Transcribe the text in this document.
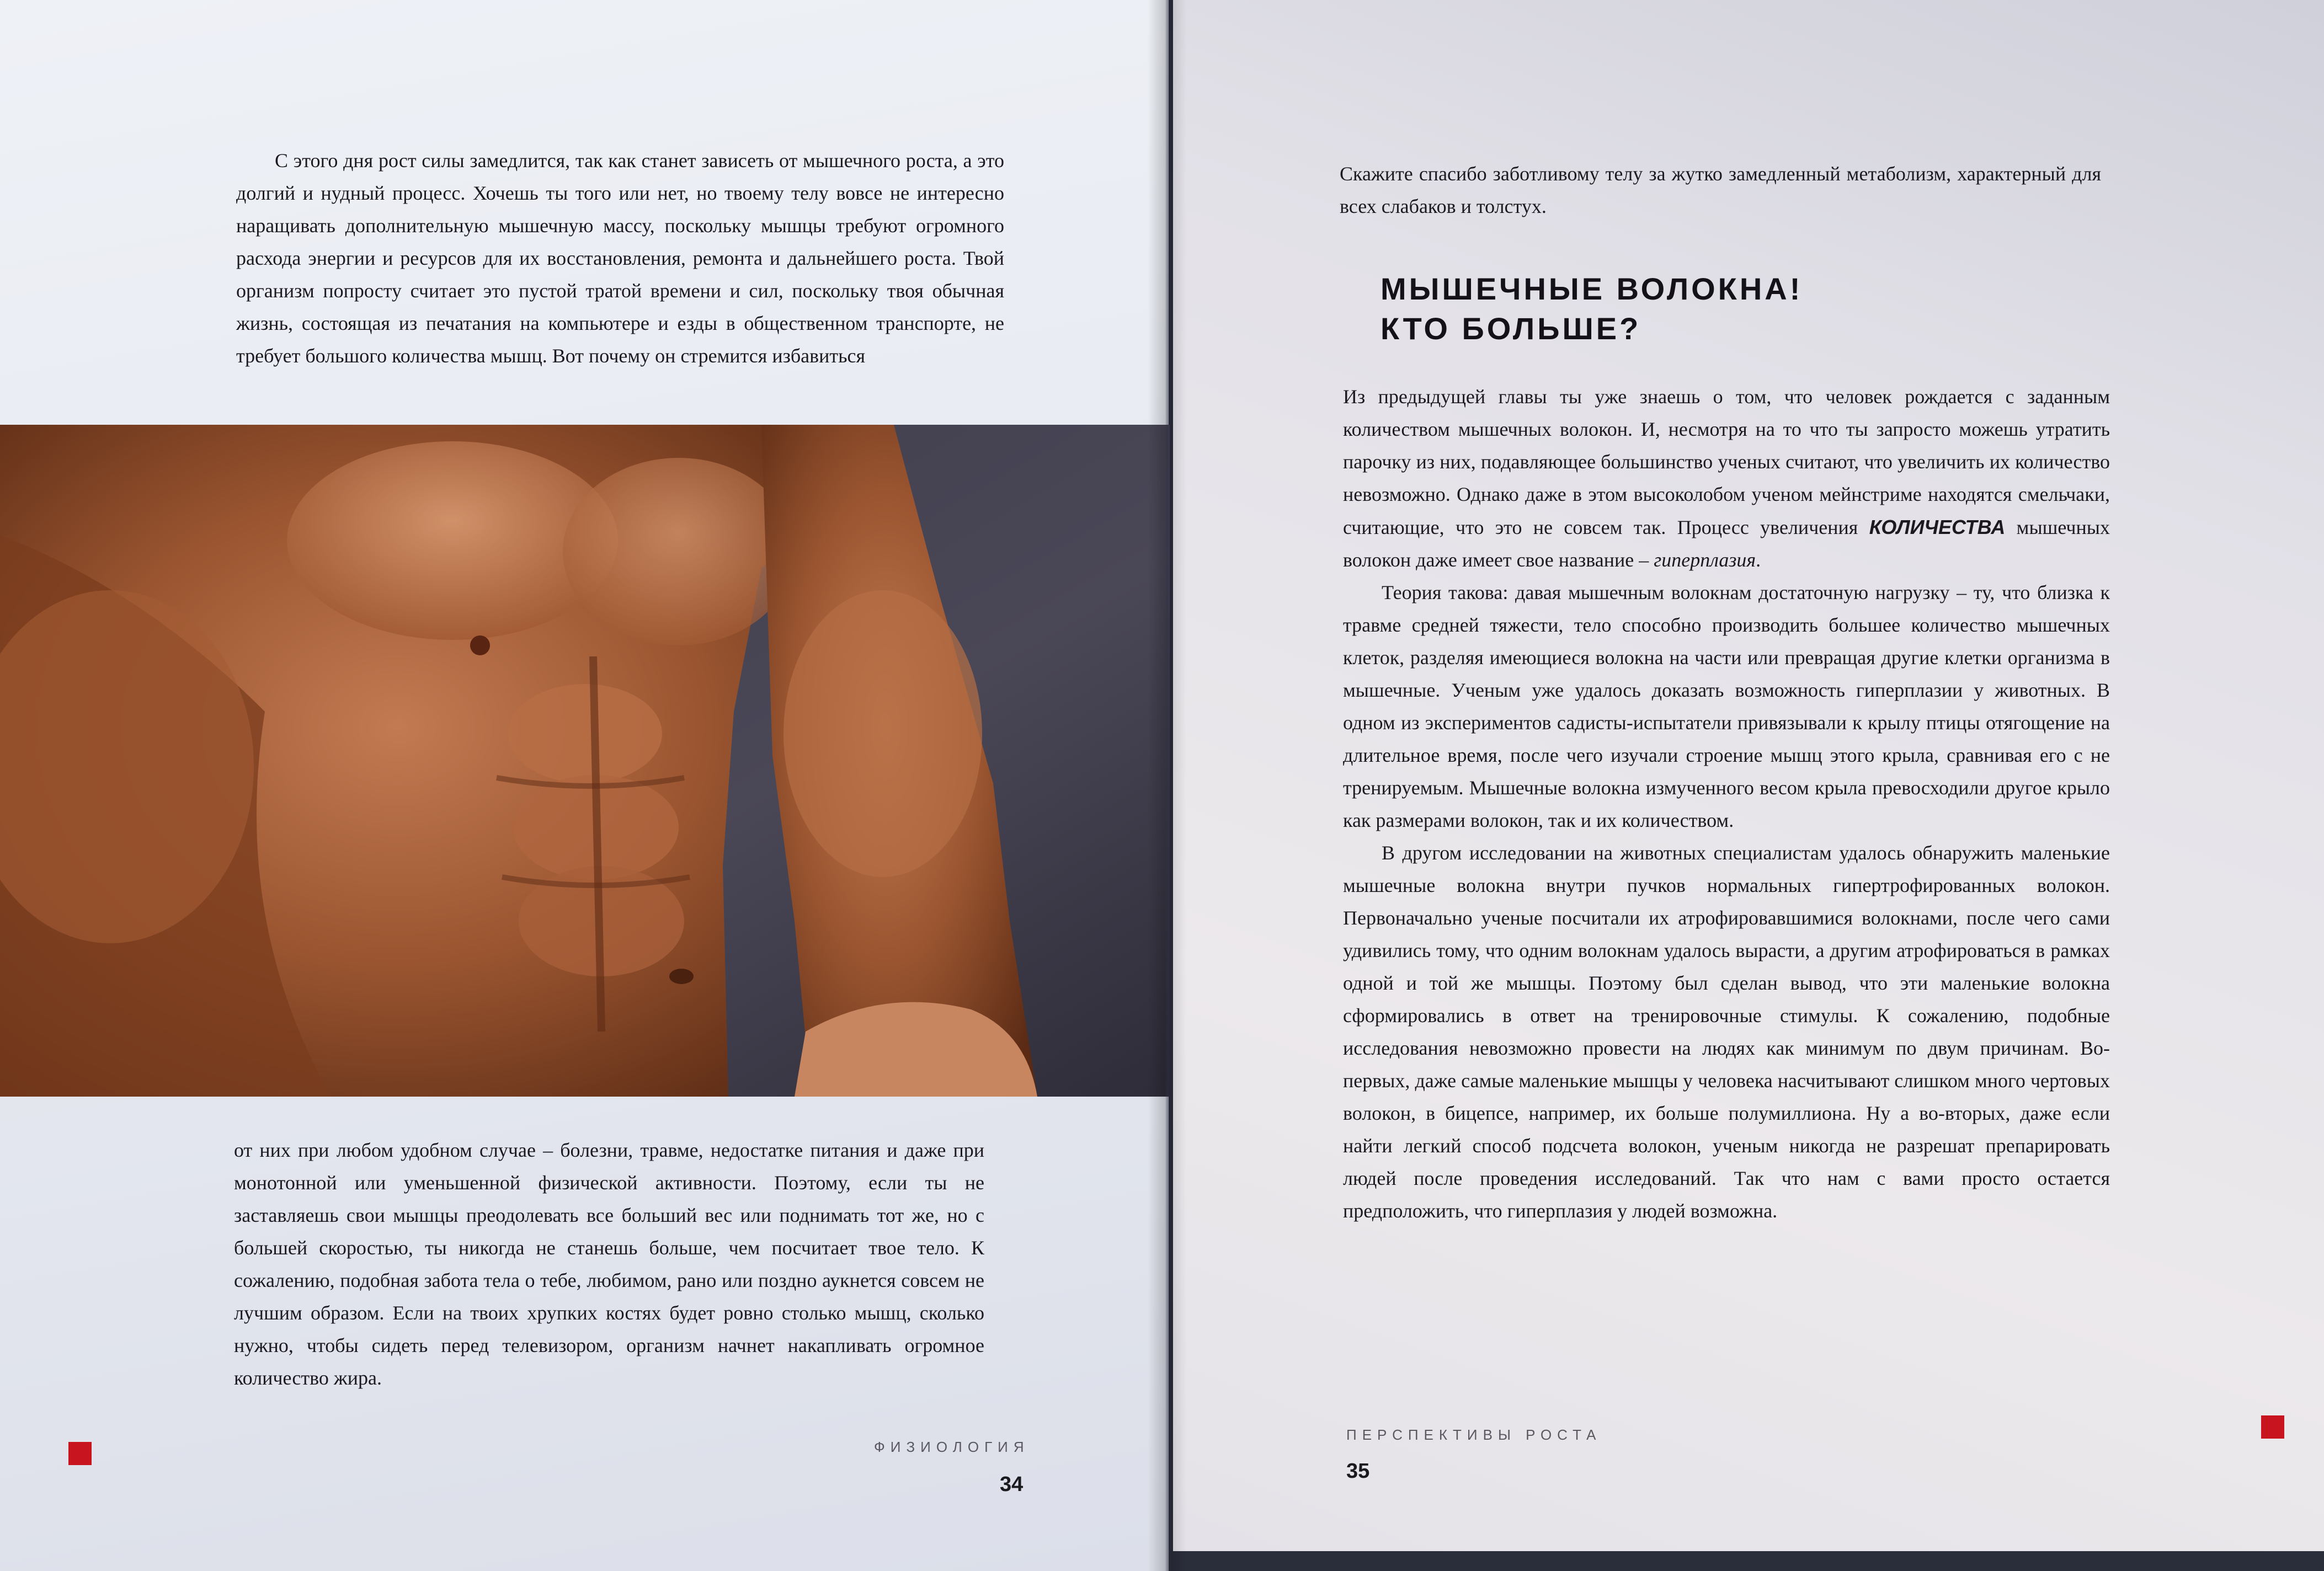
С этого дня рост силы замедлится, так как станет зависеть от мышечного роста, а это долгий и нудный процесс. Хочешь ты того или нет, но твоему телу вовсе не интересно наращивать дополнительную мышечную массу, поскольку мышцы требуют огромного расхода энергии и ресурсов для их восстановления, ремонта и дальнейшего роста. Твой организм попросту считает это пустой тратой времени и сил, поскольку твоя обычная жизнь, состоящая из печатания на компьютере и езды в общественном транспорте, не требует большого количества мышц. Вот почему он стремится избавиться

от них при любом удобном случае – болезни, травме, недостатке питания и даже при монотонной или уменьшенной физической активности. Поэтому, если ты не заставляешь свои мышцы преодолевать все больший вес или поднимать тот же, но с большей скоростью, ты никогда не станешь больше, чем посчитает твое тело. К сожалению, подобная забота тела о тебе, любимом, рано или поздно аукнется совсем не лучшим образом. Если на твоих хрупких костях будет ровно столько мышц, сколько нужно, чтобы сидеть перед телевизором, организм начнет накапливать огромное количество жира.

ФИЗИОЛОГИЯ

34

Скажите спасибо заботливому телу за жутко замедленный метаболизм, характерный для всех слабаков и толстух.

МЫШЕЧНЫЕ ВОЛОКНА!
КТО БОЛЬШЕ?

Из предыдущей главы ты уже знаешь о том, что человек рождается с заданным количеством мышечных волокон. И, несмотря на то что ты запросто можешь утратить парочку из них, подавляющее большинство ученых считают, что увеличить их количество невозможно. Однако даже в этом высоколобом ученом мейнстриме находятся смельчаки, считающие, что это не совсем так. Процесс увеличения КОЛИЧЕСТВА мышечных волокон даже имеет свое название – гиперплазия.

Теория такова: давая мышечным волокнам достаточную нагрузку – ту, что близка к травме средней тяжести, тело способно производить большее количество мышечных клеток, разделяя имеющиеся волокна на части или превращая другие клетки организма в мышечные. Ученым уже удалось доказать возможность гиперплазии у животных. В одном из экспериментов садисты-испытатели привязывали к крылу птицы отягощение на длительное время, после чего изучали строение мышц этого крыла, сравнивая его с не тренируемым. Мышечные волокна измученного весом крыла превосходили другое крыло как размерами волокон, так и их количеством.

В другом исследовании на животных специалистам удалось обнаружить маленькие мышечные волокна внутри пучков нормальных гипертрофированных волокон. Первоначально ученые посчитали их атрофировавшимися волокнами, после чего сами удивились тому, что одним волокнам удалось вырасти, а другим атрофироваться в рамках одной и той же мышцы. Поэтому был сделан вывод, что эти маленькие волокна сформировались в ответ на тренировочные стимулы. К сожалению, подобные исследования невозможно провести на людях как минимум по двум причинам. Во-первых, даже самые маленькие мышцы у человека насчитывают слишком много чертовых волокон, в бицепсе, например, их больше полумиллиона. Ну а во-вторых, даже если найти легкий способ подсчета волокон, ученым никогда не разрешат препарировать людей после проведения исследований. Так что нам с вами просто остается предположить, что гиперплазия у людей возможна.

ПЕРСПЕКТИВЫ РОСТА

35
